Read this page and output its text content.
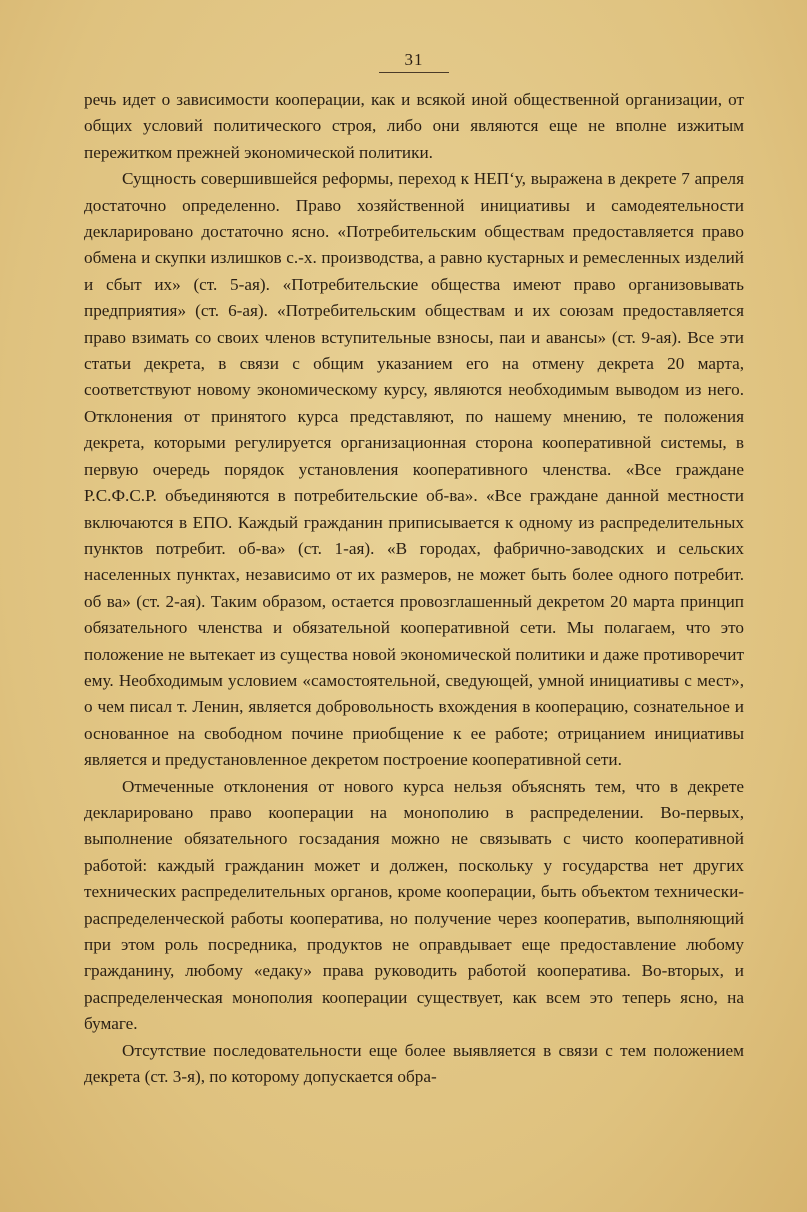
31

речь идет о зависимости кооперации, как и всякой иной общественной организации, от общих условий политического строя, либо они являются еще не вполне изжитым пережитком прежней экономической политики.

Сущность совершившейся реформы, переход к НЕП‘у, выражена в декрете 7 апреля достаточно определенно. Право хозяйственной инициативы и самодеятельности декларировано достаточно ясно. «Потребительским обществам предоставляется право обмена и скупки излишков с.-х. производства, а равно кустарных и ремесленных изделий и сбыт их» (ст. 5-ая). «Потребительские общества имеют право организовывать предприятия» (ст. 6-ая). «Потребительским обществам и их союзам предоставляется право взимать со своих членов вступительные взносы, паи и авансы» (ст. 9-ая). Все эти статьи декрета, в связи с общим указанием его на отмену декрета 20 марта, соответствуют новому экономическому курсу, являются необходимым выводом из него. Отклонения от принятого курса представляют, по нашему мнению, те положения декрета, которыми регулируется организационная сторона кооперативной системы, в первую очередь порядок установления кооперативного членства. «Все граждане Р.С.Ф.С.Р. объединяются в потребительские об-ва». «Все граждане данной местности включаются в ЕПО. Каждый гражданин приписывается к одному из распределительных пунктов потребит. об-ва» (ст. 1-ая). «В городах, фабрично-заводских и сельских населенных пунктах, независимо от их размеров, не может быть более одного потребит. об ва» (ст. 2-ая). Таким образом, остается провозглашенный декретом 20 марта принцип обязательного членства и обязательной кооперативной сети. Мы полагаем, что это положение не вытекает из существа новой экономической политики и даже противоречит ему. Необходимым условием «самостоятельной, сведующей, умной инициативы с мест», о чем писал т. Ленин, является добровольность вхождения в кооперацию, сознательное и основанное на свободном почине приобщение к ее работе; отрицанием инициативы является и предустановленное декретом построение кооперативной сети.

Отмеченные отклонения от нового курса нельзя объяснять тем, что в декрете декларировано право кооперации на монополию в распределении. Во-первых, выполнение обязательного госзадания можно не связывать с чисто кооперативной работой: каждый гражданин может и должен, поскольку у государства нет других технических распределительных органов, кроме кооперации, быть объектом технически-распределенческой работы кооператива, но получение через кооператив, выполняющий при этом роль посредника, продуктов не оправдывает еще предоставление любому гражданину, любому «едаку» права руководить работой кооператива. Во-вторых, и распределенческая монополия кооперации существует, как всем это теперь ясно, на бумаге.

Отсутствие последовательности еще более выявляется в связи с тем положением декрета (ст. 3-я), по которому допускается обра-
